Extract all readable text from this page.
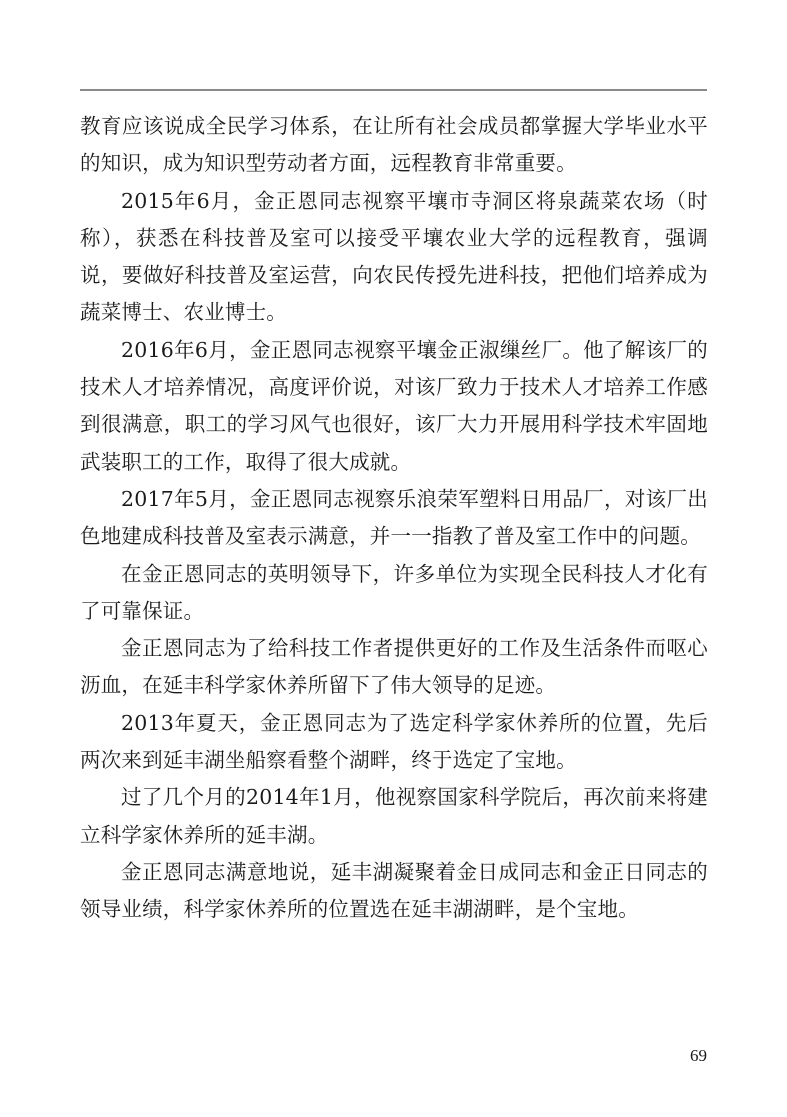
教育应该说成全民学习体系，在让所有社会成员都掌握大学毕业水平的知识，成为知识型劳动者方面，远程教育非常重要。

2015年6月，金正恩同志视察平壤市寺洞区将泉蔬菜农场（时称），获悉在科技普及室可以接受平壤农业大学的远程教育，强调说，要做好科技普及室运营，向农民传授先进科技，把他们培养成为蔬菜博士、农业博士。

2016年6月，金正恩同志视察平壤金正淑缫丝厂。他了解该厂的技术人才培养情况，高度评价说，对该厂致力于技术人才培养工作感到很满意，职工的学习风气也很好，该厂大力开展用科学技术牢固地武装职工的工作，取得了很大成就。

2017年5月，金正恩同志视察乐浪荣军塑料日用品厂，对该厂出色地建成科技普及室表示满意，并一一指教了普及室工作中的问题。

在金正恩同志的英明领导下，许多单位为实现全民科技人才化有了可靠保证。

金正恩同志为了给科技工作者提供更好的工作及生活条件而呕心沥血，在延丰科学家休养所留下了伟大领导的足迹。

2013年夏天，金正恩同志为了选定科学家休养所的位置，先后两次来到延丰湖坐船察看整个湖畔，终于选定了宝地。

过了几个月的2014年1月，他视察国家科学院后，再次前来将建立科学家休养所的延丰湖。

金正恩同志满意地说，延丰湖凝聚着金日成同志和金正日同志的领导业绩，科学家休养所的位置选在延丰湖湖畔，是个宝地。

69
